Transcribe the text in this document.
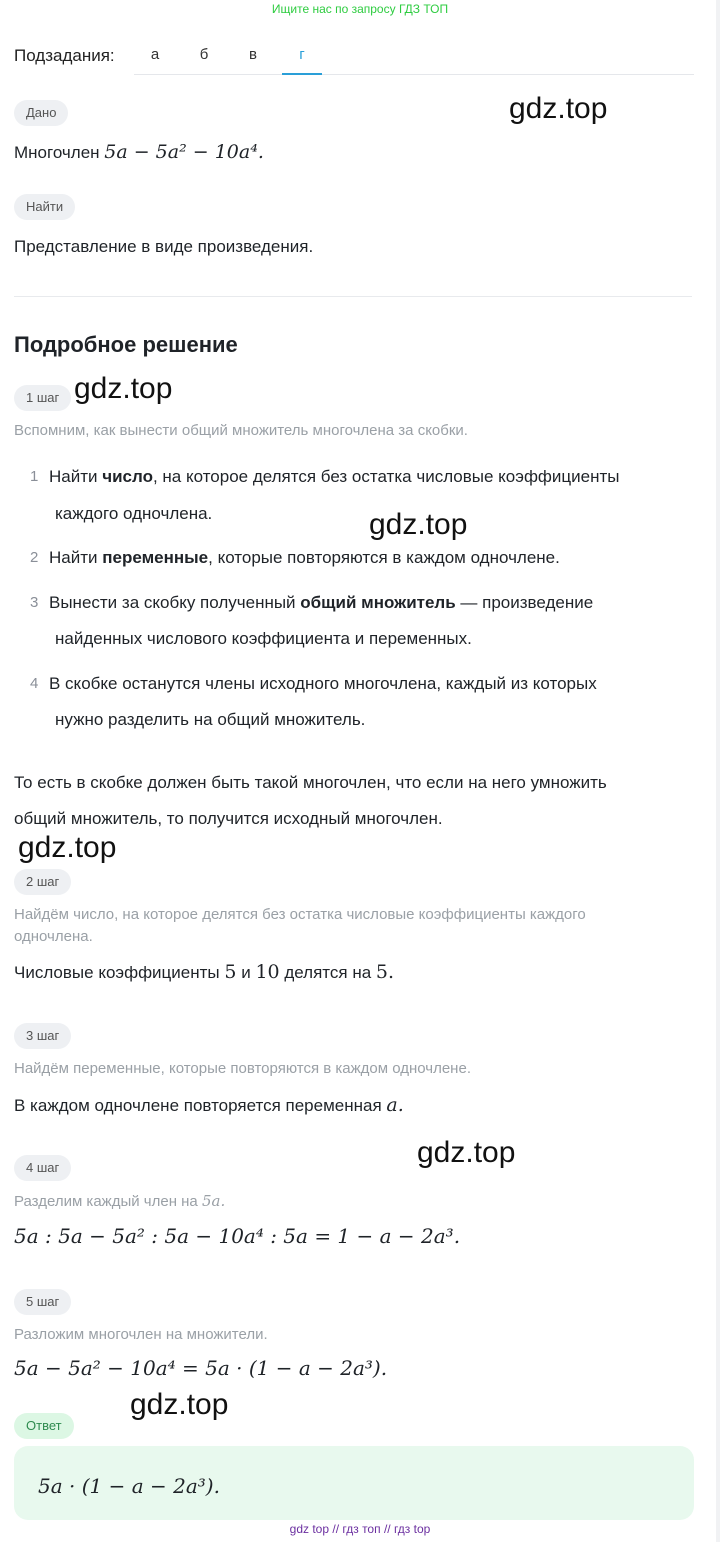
Ищите нас по запросу ГДЗ ТОП
Подзадания:	а	б	в	г
Дано	gdz.top
Многочлен 5a − 5a² − 10a⁴.
Найти
Представление в виде произведения.
Подробное решение
1 шаг gdz.top
Вспомним, как вынести общий множитель многочлена за скобки.
1 Найти число, на которое делятся без остатка числовые коэффициенты
каждого одночлена.	gdz.top
2 Найти переменные, которые повторяются в каждом одночлене.
3 Вынести за скобку полученный общий множитель — произведение
найденных числового коэффициента и переменных.
4 В скобке останутся члены исходного многочлена, каждый из которых
нужно разделить на общий множитель.
То есть в скобке должен быть такой многочлен, что если на него умножить
общий множитель, то получится исходный многочлен.
gdz.top
2 шаг
Найдём число, на которое делятся без остатка числовые коэффициенты каждого
одночлена.
Числовые коэффициенты 5 и 10 делятся на 5.
3 шаг
Найдём переменные, которые повторяются в каждом одночлене.
В каждом одночлене повторяется переменная a.
gdz.top
4 шаг
Разделим каждый член на 5a.
5a : 5a − 5a² : 5a − 10a⁴ : 5a = 1 − a − 2a³.
5 шаг
Разложим многочлен на множители.
5a − 5a² − 10a⁴ = 5a · (1 − a − 2a³).
gdz.top
Ответ
5a · (1 − a − 2a³).
gdz top // гдз топ // гдз top
